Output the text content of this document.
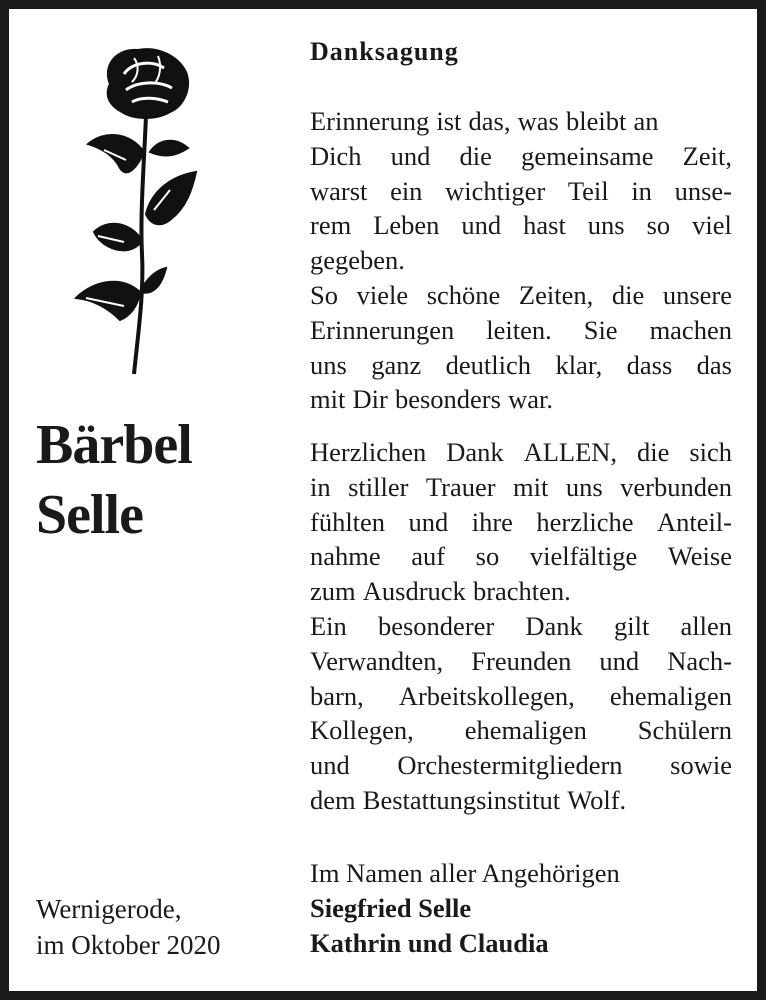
Bärbel
Selle
Wernigerode,
im Oktober 2020
Danksagung
Erinnerung ist das, was bleibt an
Dich und die gemeinsame Zeit,
warst ein wichtiger Teil in unse-
rem Leben und hast uns so viel
gegeben.
So viele schöne Zeiten, die unsere
Erinnerungen leiten. Sie machen
uns ganz deutlich klar, dass das
mit Dir besonders war.
Herzlichen Dank ALLEN, die sich
in stiller Trauer mit uns verbunden
fühlten und ihre herzliche Anteil-
nahme auf so vielfältige Weise
zum Ausdruck brachten.
Ein besonderer Dank gilt allen
Verwandten, Freunden und Nach-
barn, Arbeitskollegen, ehemaligen
Kollegen, ehemaligen Schülern
und Orchestermitgliedern sowie
dem Bestattungsinstitut Wolf.
Im Namen aller Angehörigen
Siegfried Selle
Kathrin und Claudia
